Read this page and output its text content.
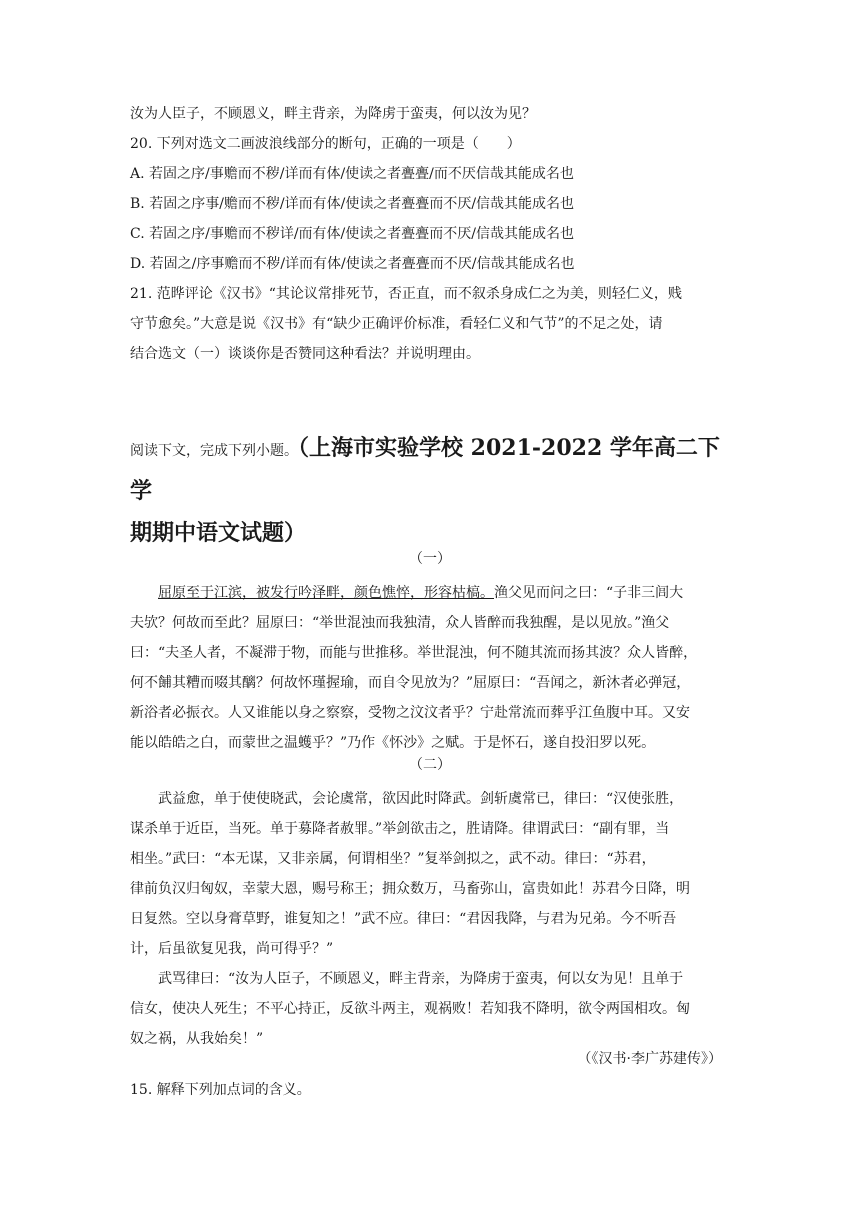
汝为人臣子，不顾恩义，畔主背亲，为降虏于蛮夷，何以汝为见？
20. 下列对选文二画波浪线部分的断句，正确的一项是（　　）
A. 若固之序/事赡而不秽/详而有体/使读之者亹亹/而不厌信哉其能成名也
B. 若固之序事/赡而不秽/详而有体/使读之者亹亹而不厌/信哉其能成名也
C. 若固之序/事赡而不秽详/而有体/使读之者亹亹而不厌/信哉其能成名也
D. 若固之/序事赡而不秽/详而有体/使读之者亹亹而不厌/信哉其能成名也
21. 范晔评论《汉书》“其论议常排死节，否正直，而不叙杀身成仁之为美，则轻仁义，贱
守节愈矣。”大意是说《汉书》有“缺少正确评价标准，看轻仁义和气节”的不足之处，请
结合选文（一）谈谈你是否赞同这种看法？并说明理由。
阅读下文，完成下列小题。（上海市实验学校 2021-2022 学年高二下学
期期中语文试题）
（一）
屈原至于江滨，被发行吟泽畔，颜色憔悴，形容枯槁。渔父见而问之曰：“子非三闾大
夫欤？何故而至此？屈原曰：“举世混浊而我独清，众人皆醉而我独醒，是以见放。”渔父
曰：“夫圣人者，不凝滞于物，而能与世推移。举世混浊，何不随其流而扬其波？众人皆醉，
何不餔其糟而啜其醨？何故怀瑾握瑜，而自令见放为？”屈原曰：“吾闻之，新沐者必弹冠，
新浴者必振衣。人又谁能以身之察察，受物之汶汶者乎？宁赴常流而葬乎江鱼腹中耳。又安
能以皓皓之白，而蒙世之温蠖乎？”乃作《怀沙》之赋。于是怀石，遂自投汨罗以死。
（二）
武益愈，单于使使晓武，会论虞常，欲因此时降武。剑斩虞常已，律曰：“汉使张胜，
谋杀单于近臣，当死。单于募降者赦罪。”举剑欲击之，胜请降。律谓武曰：“副有罪，当
相坐。”武曰：“本无谋，又非亲属，何谓相坐？”复举剑拟之，武不动。律曰：“苏君，
律前负汉归匈奴，幸蒙大恩，赐号称王；拥众数万，马畜弥山，富贵如此！苏君今日降，明
日复然。空以身膏草野，谁复知之！”武不应。律曰：“君因我降，与君为兄弟。今不听吾
计，后虽欲复见我，尚可得乎？”
武骂律曰：“汝为人臣子，不顾恩义，畔主背亲，为降虏于蛮夷，何以女为见！且单于
信女，使决人死生；不平心持正，反欲斗两主，观祸败！若知我不降明，欲令两国相攻。匈
奴之祸，从我始矣！”
（《汉书·李广苏建传》）
15. 解释下列加点词的含义。
